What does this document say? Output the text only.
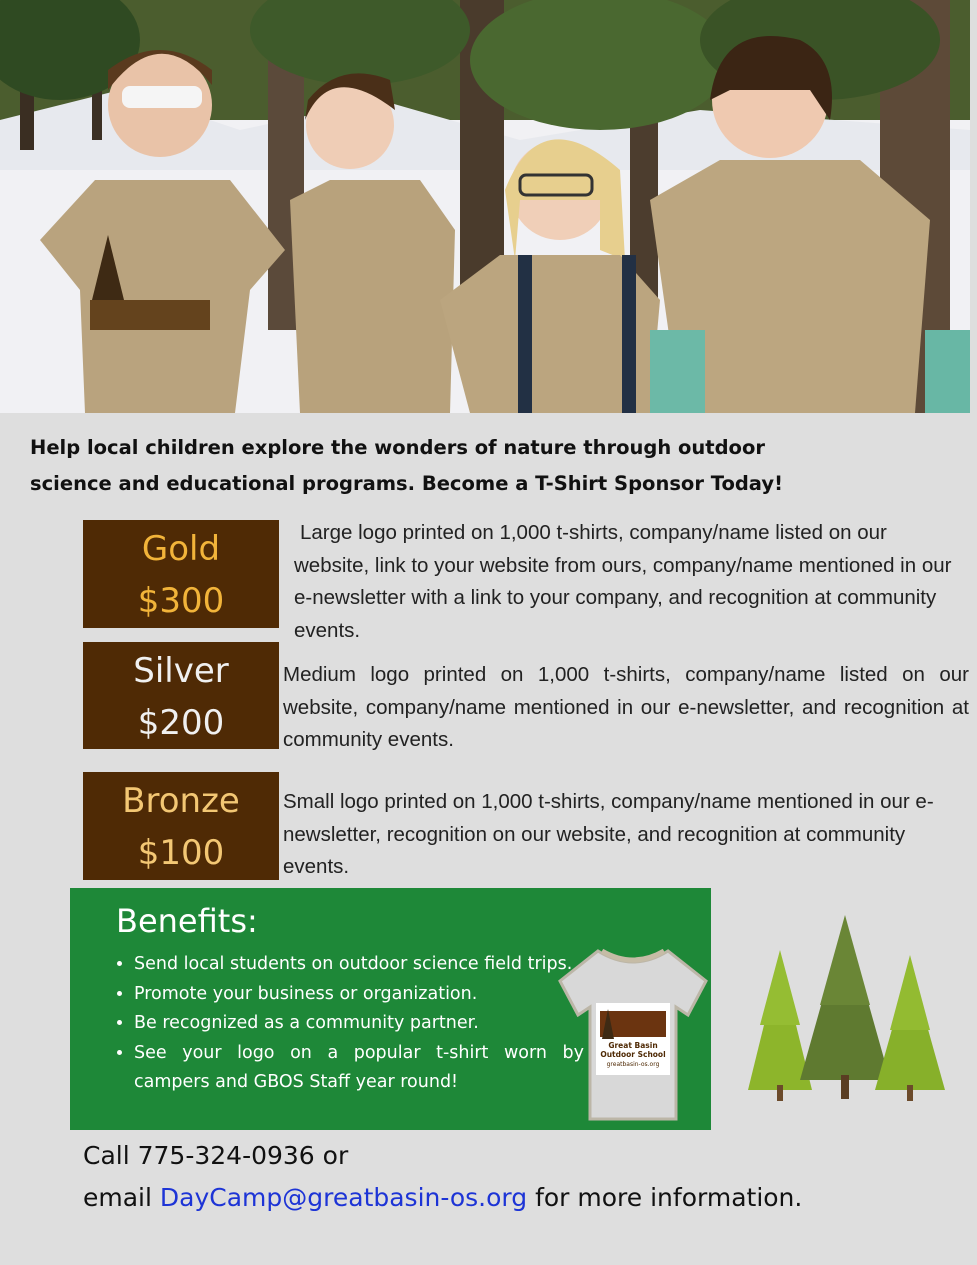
Help local children explore the wonders of nature through outdoor
science and educational programs. Become a T-Shirt Sponsor Today!
Gold
$300
Large logo printed on 1,000 t-shirts, company/name listed on our website, link to your website from ours, company/name mentioned in our e-newsletter with a link to your company, and recognition at community events.
Silver
$200
Medium logo printed on 1,000 t-shirts, company/name listed on our website, company/name mentioned in our e-newsletter, and recognition at community events.
Bronze
$100
Small logo printed on 1,000 t-shirts, company/name mentioned in our e-newsletter, recognition on our website, and recognition at community events.
Benefits:
• Send local students on outdoor science field trips.
• Promote your business or organization.
• Be recognized as a community partner.
• See your logo on a popular t-shirt worn by campers and GBOS Staff year round!
Great Basin
Outdoor School
greatbasin-os.org
Call 775-324-0936 or
email DayCamp@greatbasin-os.org for more information.
